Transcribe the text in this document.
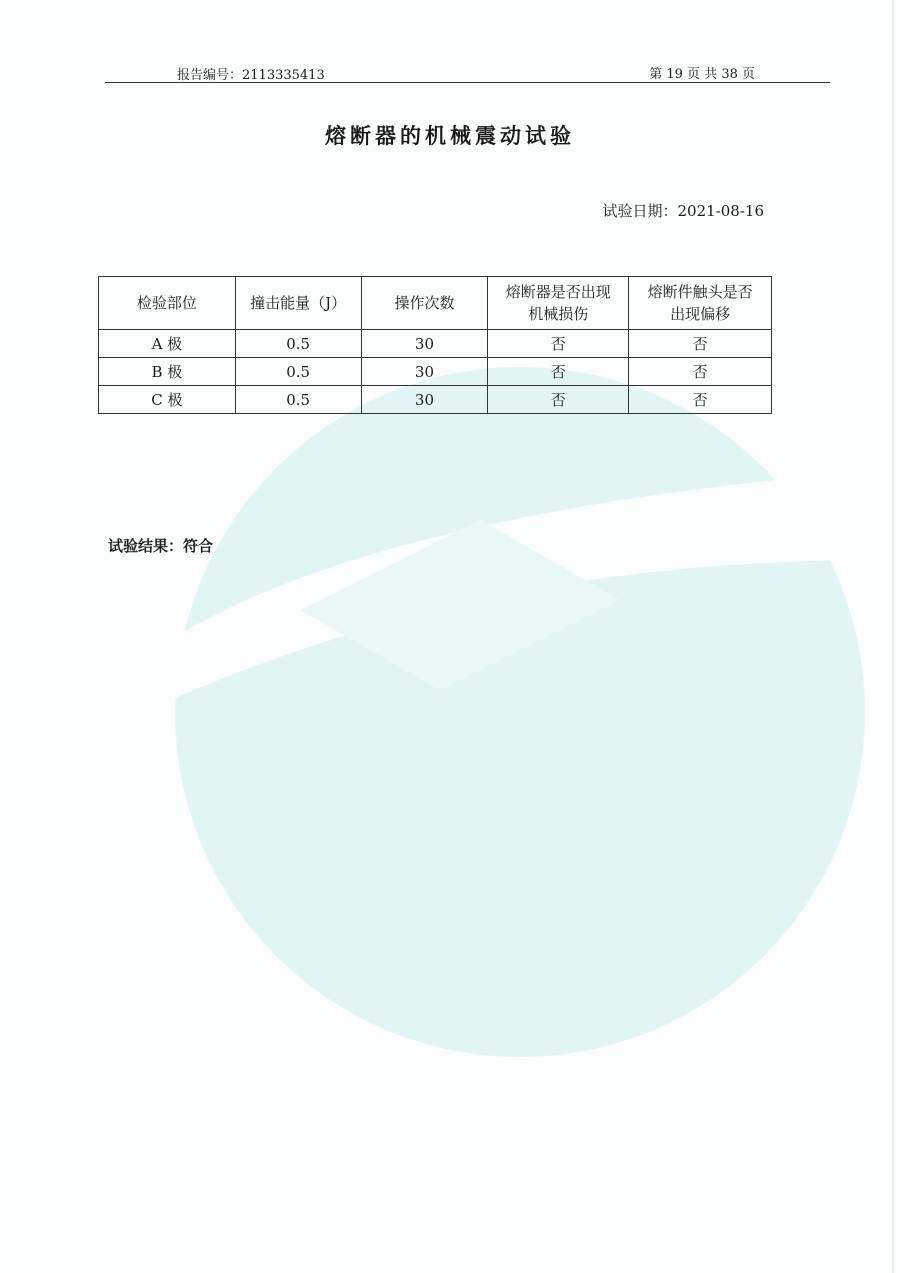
报告编号：2113335413	第 19 页 共 38 页
熔断器的机械震动试验
试验日期：2021-08-16
检验部位	撞击能量（J）	操作次数	熔断器是否出现机械损伤	熔断件触头是否出现偏移
A 极	0.5	30	否	否
B 极	0.5	30	否	否
C 极	0.5	30	否	否
试验结果：符合
